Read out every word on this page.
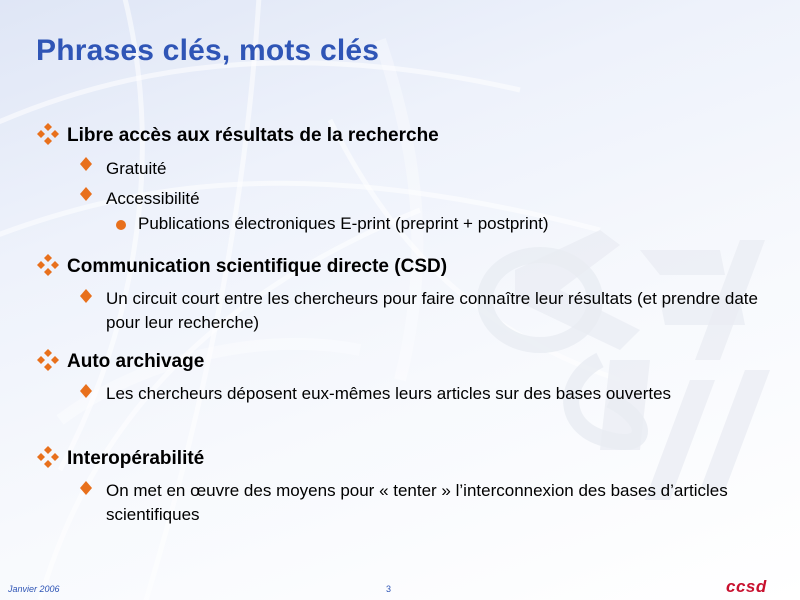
Phrases clés, mots clés
Libre accès aux résultats de la recherche
Gratuité
Accessibilité
Publications électroniques E-print (preprint + postprint)
Communication scientifique directe (CSD)
Un circuit court entre les chercheurs pour faire connaître leur résultats (et prendre date pour leur recherche)
Auto archivage
Les chercheurs déposent eux-mêmes leurs articles sur des bases ouvertes
Interopérabilité
On met en œuvre des moyens pour « tenter » l’interconnexion des bases d’articles scientifiques
Janvier 2006	3	ccsd
